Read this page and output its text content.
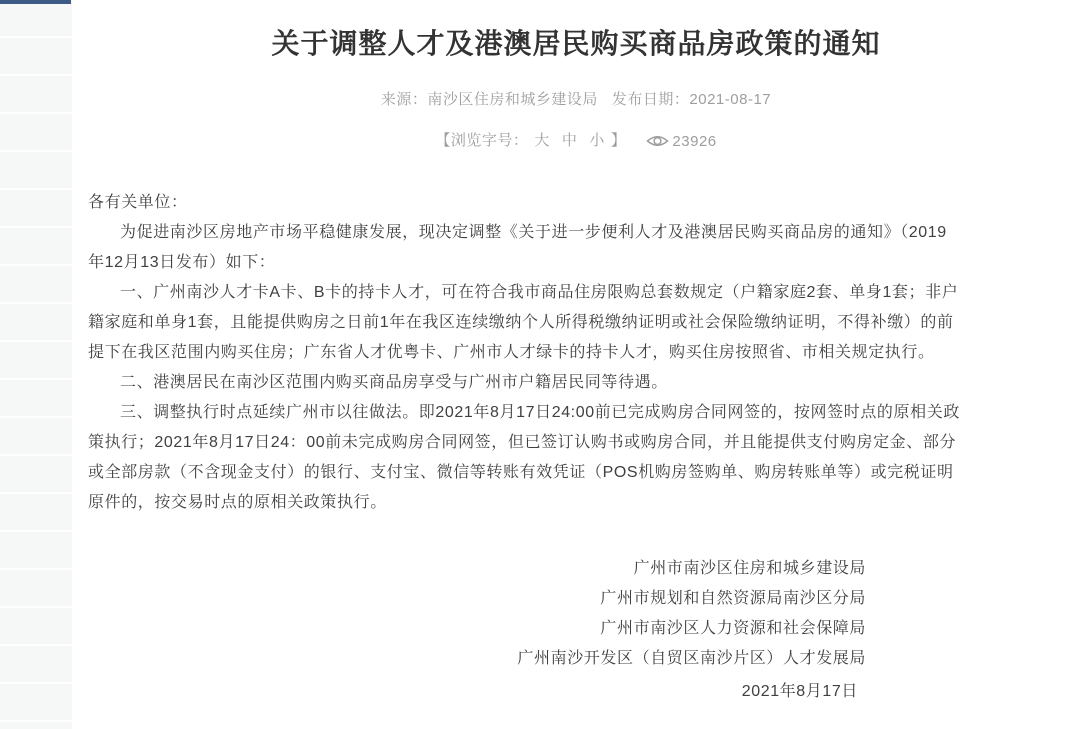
关于调整人才及港澳居民购买商品房政策的通知
来源：南沙区住房和城乡建设局 发布日期：2021-08-17
【浏览字号： 大 中 小 】	23926

各有关单位：

为促进南沙区房地产市场平稳健康发展，现决定调整《关于进一步便利人才及港澳居民购买商品房的通知》（2019年12月13日发布）如下：

一、广州南沙人才卡A卡、B卡的持卡人才，可在符合我市商品住房限购总套数规定（户籍家庭2套、单身1套；非户籍家庭和单身1套，且能提供购房之日前1年在我区连续缴纳个人所得税缴纳证明或社会保险缴纳证明，不得补缴）的前提下在我区范围内购买住房；广东省人才优粤卡、广州市人才绿卡的持卡人才，购买住房按照省、市相关规定执行。

二、港澳居民在南沙区范围内购买商品房享受与广州市户籍居民同等待遇。

三、调整执行时点延续广州市以往做法。即2021年8月17日24:00前已完成购房合同网签的，按网签时点的原相关政策执行；2021年8月17日24：00前未完成购房合同网签，但已签订认购书或购房合同，并且能提供支付购房定金、部分或全部房款（不含现金支付）的银行、支付宝、微信等转账有效凭证（POS机购房签购单、购房转账单等）或完税证明原件的，按交易时点的原相关政策执行。

广州市南沙区住房和城乡建设局

广州市规划和自然资源局南沙区分局

广州市南沙区人力资源和社会保障局

广州南沙开发区（自贸区南沙片区）人才发展局

2021年8月17日
